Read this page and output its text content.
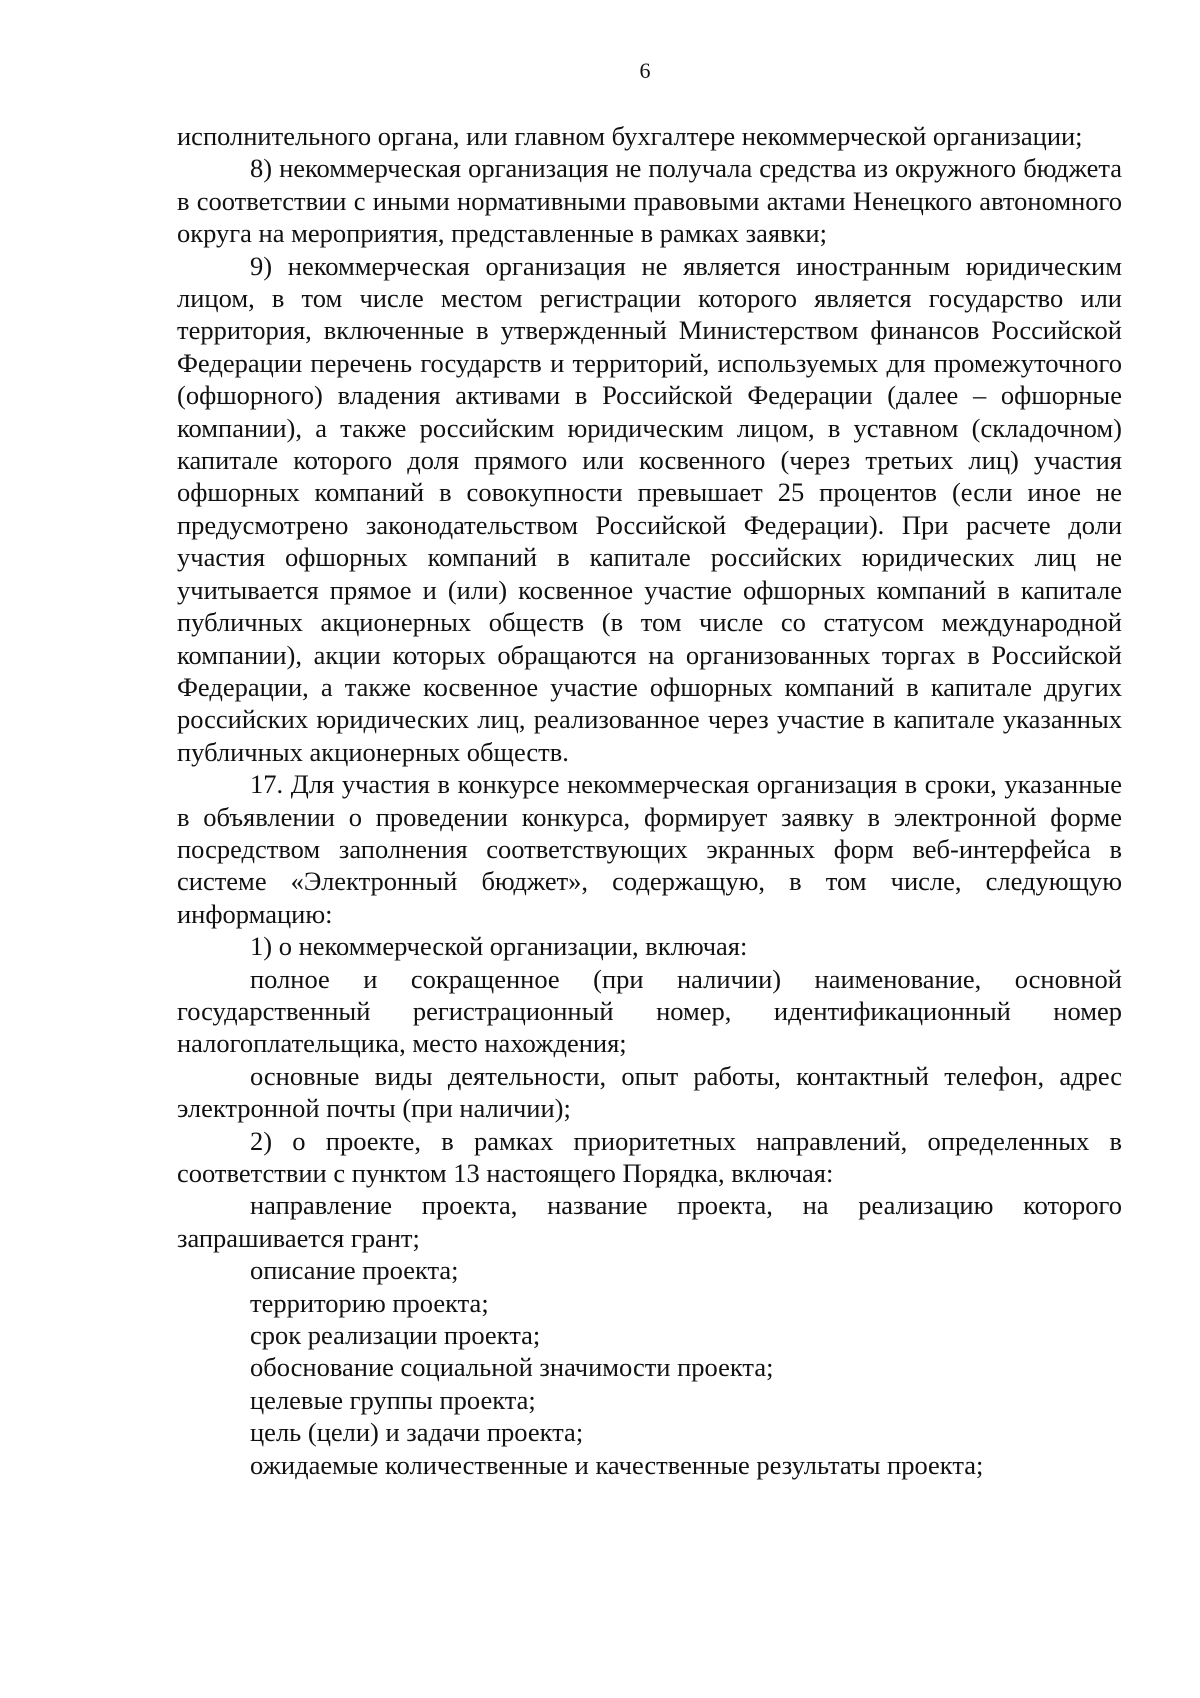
6

исполнительного органа, или главном бухгалтере некоммерческой организации;

8) некоммерческая организация не получала средства из окружного бюджета в соответствии с иными нормативными правовыми актами Ненецкого автономного округа на мероприятия, представленные в рамках заявки;

9) некоммерческая организация не является иностранным юридическим лицом, в том числе местом регистрации которого является государство или территория, включенные в утвержденный Министерством финансов Российской Федерации перечень государств и территорий, используемых для промежуточного (офшорного) владения активами в Российской Федерации (далее – офшорные компании), а также российским юридическим лицом, в уставном (складочном) капитале которого доля прямого или косвенного (через третьих лиц) участия офшорных компаний в совокупности превышает 25 процентов (если иное не предусмотрено законодательством Российской Федерации). При расчете доли участия офшорных компаний в капитале российских юридических лиц не учитывается прямое и (или) косвенное участие офшорных компаний в капитале публичных акционерных обществ (в том числе со статусом международной компании), акции которых обращаются на организованных торгах в Российской Федерации, а также косвенное участие офшорных компаний в капитале других российских юридических лиц, реализованное через участие в капитале указанных публичных акционерных обществ.

17. Для участия в конкурсе некоммерческая организация в сроки, указанные в объявлении о проведении конкурса, формирует заявку в электронной форме посредством заполнения соответствующих экранных форм веб-интерфейса в системе «Электронный бюджет», содержащую, в том числе, следующую информацию:

1) о некоммерческой организации, включая:

полное и сокращенное (при наличии) наименование, основной государственный регистрационный номер, идентификационный номер налогоплательщика, место нахождения;

основные виды деятельности, опыт работы, контактный телефон, адрес электронной почты (при наличии);

2) о проекте, в рамках приоритетных направлений, определенных в соответствии с пунктом 13 настоящего Порядка, включая:

направление проекта, название проекта, на реализацию которого запрашивается грант;

описание проекта;

территорию проекта;

срок реализации проекта;

обоснование социальной значимости проекта;

целевые группы проекта;

цель (цели) и задачи проекта;

ожидаемые количественные и качественные результаты проекта;
